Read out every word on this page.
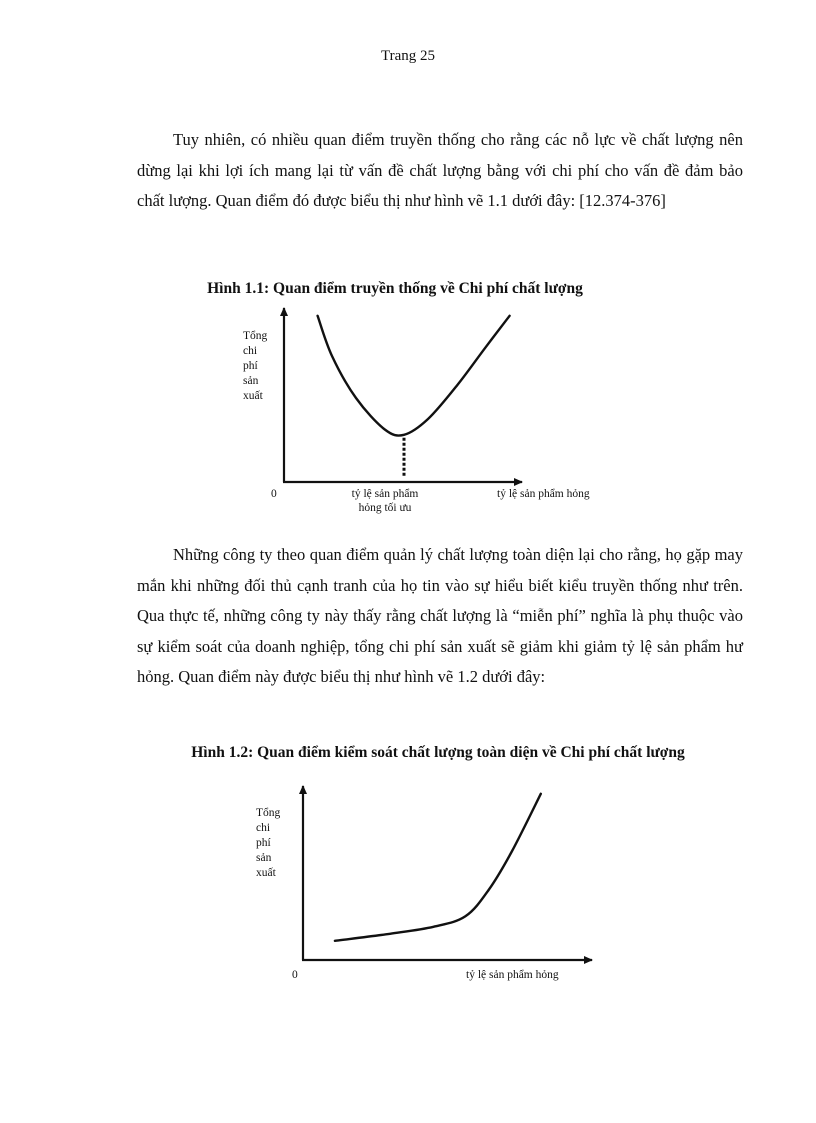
Trang 25

Tuy nhiên, có nhiều quan điểm truyền thống cho rằng các nỗ lực về chất lượng nên dừng lại khi lợi ích mang lại từ vấn đề chất lượng bằng với chi phí cho vấn đề đảm bảo chất lượng. Quan điểm đó được biểu thị như hình vẽ 1.1 dưới đây: [12.374-376]

Hình 1.1: Quan điểm truyền thống về Chi phí chất lượng
Tổng
chi
phí
sản
xuất
0	tỷ lệ sản phẩm
hỏng tối ưu
tỷ lệ sản phẩm hỏng

Những công ty theo quan điểm quản lý chất lượng toàn diện lại cho rằng, họ gặp may mắn khi những đối thủ cạnh tranh của họ tin vào sự hiểu biết kiểu truyền thống như trên. Qua thực tế, những công ty này thấy rằng chất lượng là “miễn phí” nghĩa là phụ thuộc vào sự kiểm soát của doanh nghiệp, tổng chi phí sản xuất sẽ giảm khi giảm tỷ lệ sản phẩm hư hỏng. Quan điểm này được biểu thị như hình vẽ 1.2 dưới đây:

Hình 1.2: Quan điểm kiểm soát chất lượng toàn diện về Chi phí chất lượng
Tổng
chi
phí
sản
xuất
0	tỷ lệ sản phẩm hỏng
